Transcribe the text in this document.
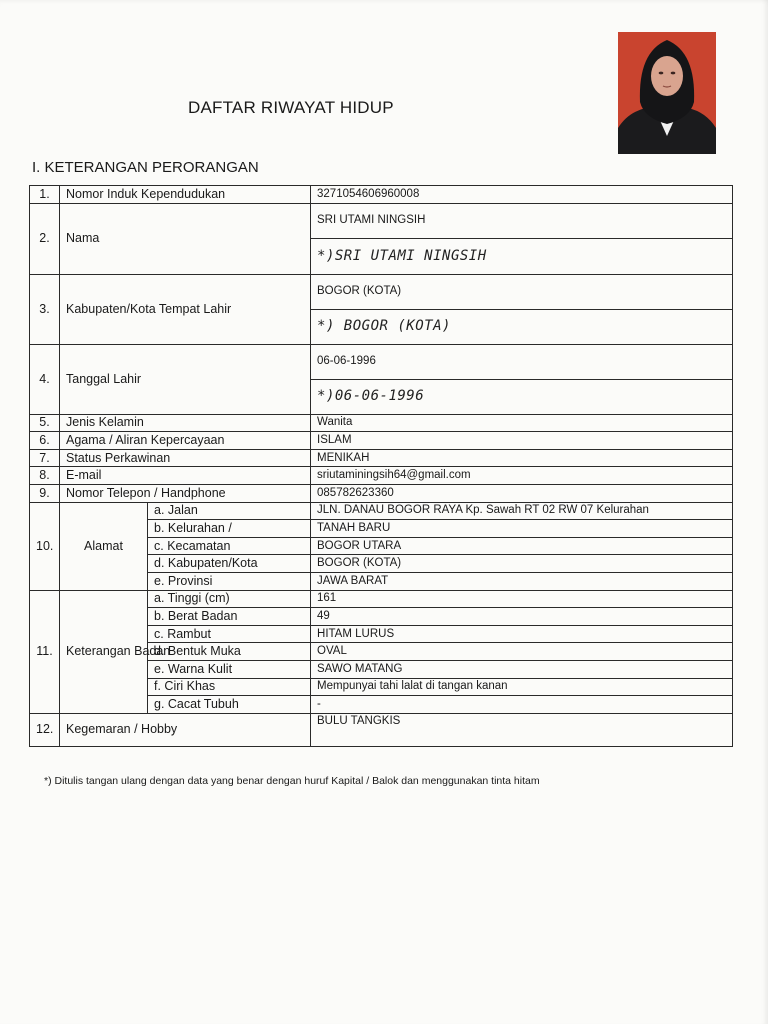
DAFTAR RIWAYAT HIDUP
I. KETERANGAN PERORANGAN
1.	Nomor Induk Kependudukan		3271054606960008
2.	Nama		SRI UTAMI NINGSIH
			*)SRI UTAMI NINGSIH
3.	Kabupaten/Kota Tempat Lahir		BOGOR (KOTA)
			*) BOGOR (KOTA)
4.	Tanggal Lahir		06-06-1996
			*)06-06-1996
5.	Jenis Kelamin		Wanita
6.	Agama / Aliran Kepercayaan		ISLAM
7.	Status Perkawinan		MENIKAH
8.	E-mail		sriutaminingsih64@gmail.com
9.	Nomor Telepon / Handphone		085782623360
10.	Alamat	a. Jalan	JLN. DANAU BOGOR RAYA Kp. Sawah RT 02 RW 07 Kelurahan
		b. Kelurahan /	TANAH BARU
		c. Kecamatan	BOGOR UTARA
		d. Kabupaten/Kota	BOGOR (KOTA)
		e. Provinsi	JAWA BARAT
11.	Keterangan Badan	a. Tinggi (cm)	161
		b. Berat Badan	49
		c. Rambut	HITAM LURUS
		d. Bentuk Muka	OVAL
		e. Warna Kulit	SAWO MATANG
		f. Ciri Khas	Mempunyai tahi lalat di tangan kanan
		g. Cacat Tubuh	-
12.	Kegemaran / Hobby		BULU TANGKIS
*) Ditulis tangan ulang dengan data yang benar dengan huruf Kapital / Balok dan menggunakan tinta hitam
